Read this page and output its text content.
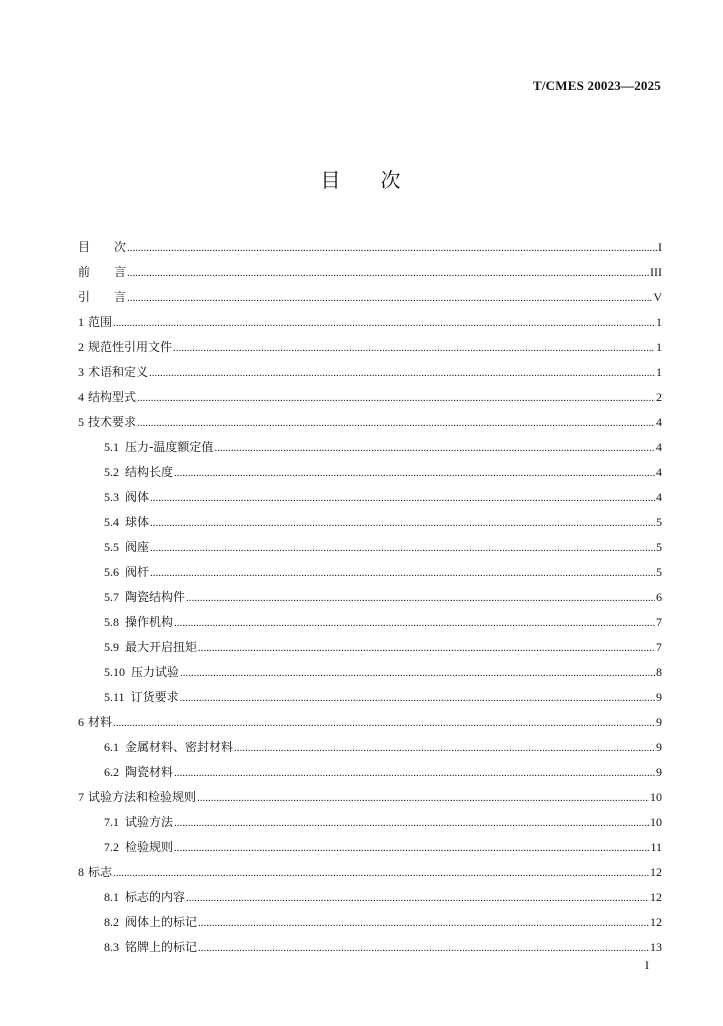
T/CMES 20023—2025
目 次
目　　次 .....	I
前　　言 .....	III
引　　言 .....	V
1 范围 .....	1
2 规范性引用文件 .....	1
3 术语和定义 .....	1
4 结构型式 .....	2
5 技术要求 .....	4
5.1 压力-温度额定值 .....	4
5.2 结构长度 .....	4
5.3 阀体 .....	4
5.4 球体 .....	5
5.5 阀座 .....	5
5.6 阀杆 .....	5
5.7 陶瓷结构件 .....	6
5.8 操作机构 .....	7
5.9 最大开启扭矩 .....	7
5.10 压力试验 .....	8
5.11 订货要求 .....	9
6 材料 .....	9
6.1 金属材料、密封材料 .....	9
6.2 陶瓷材料 .....	9
7 试验方法和检验规则 .....	10
7.1 试验方法 .....	10
7.2 检验规则 .....	11
8 标志 .....	12
8.1 标志的内容 .....	12
8.2 阀体上的标记 .....	12
8.3 铭牌上的标记 .....	13
I
